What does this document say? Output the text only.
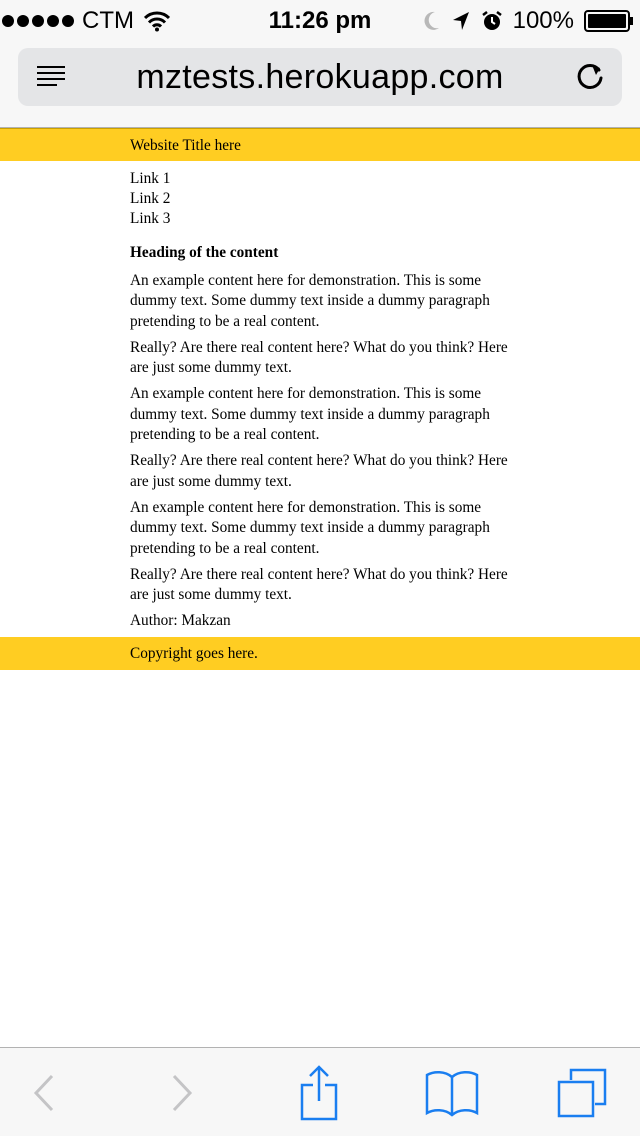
CTM	11:26 pm	100%
mztests.herokuapp.com
Website Title here
Link 1
Link 2
Link 3
Heading of the content

An example content here for demonstration. This is some dummy text. Some dummy text inside a dummy paragraph pretending to be a real content.

Really? Are there real content here? What do you think? Here are just some dummy text.

An example content here for demonstration. This is some dummy text. Some dummy text inside a dummy paragraph pretending to be a real content.

Really? Are there real content here? What do you think? Here are just some dummy text.

An example content here for demonstration. This is some dummy text. Some dummy text inside a dummy paragraph pretending to be a real content.

Really? Are there real content here? What do you think? Here are just some dummy text.

Author: Makzan

Copyright goes here.
